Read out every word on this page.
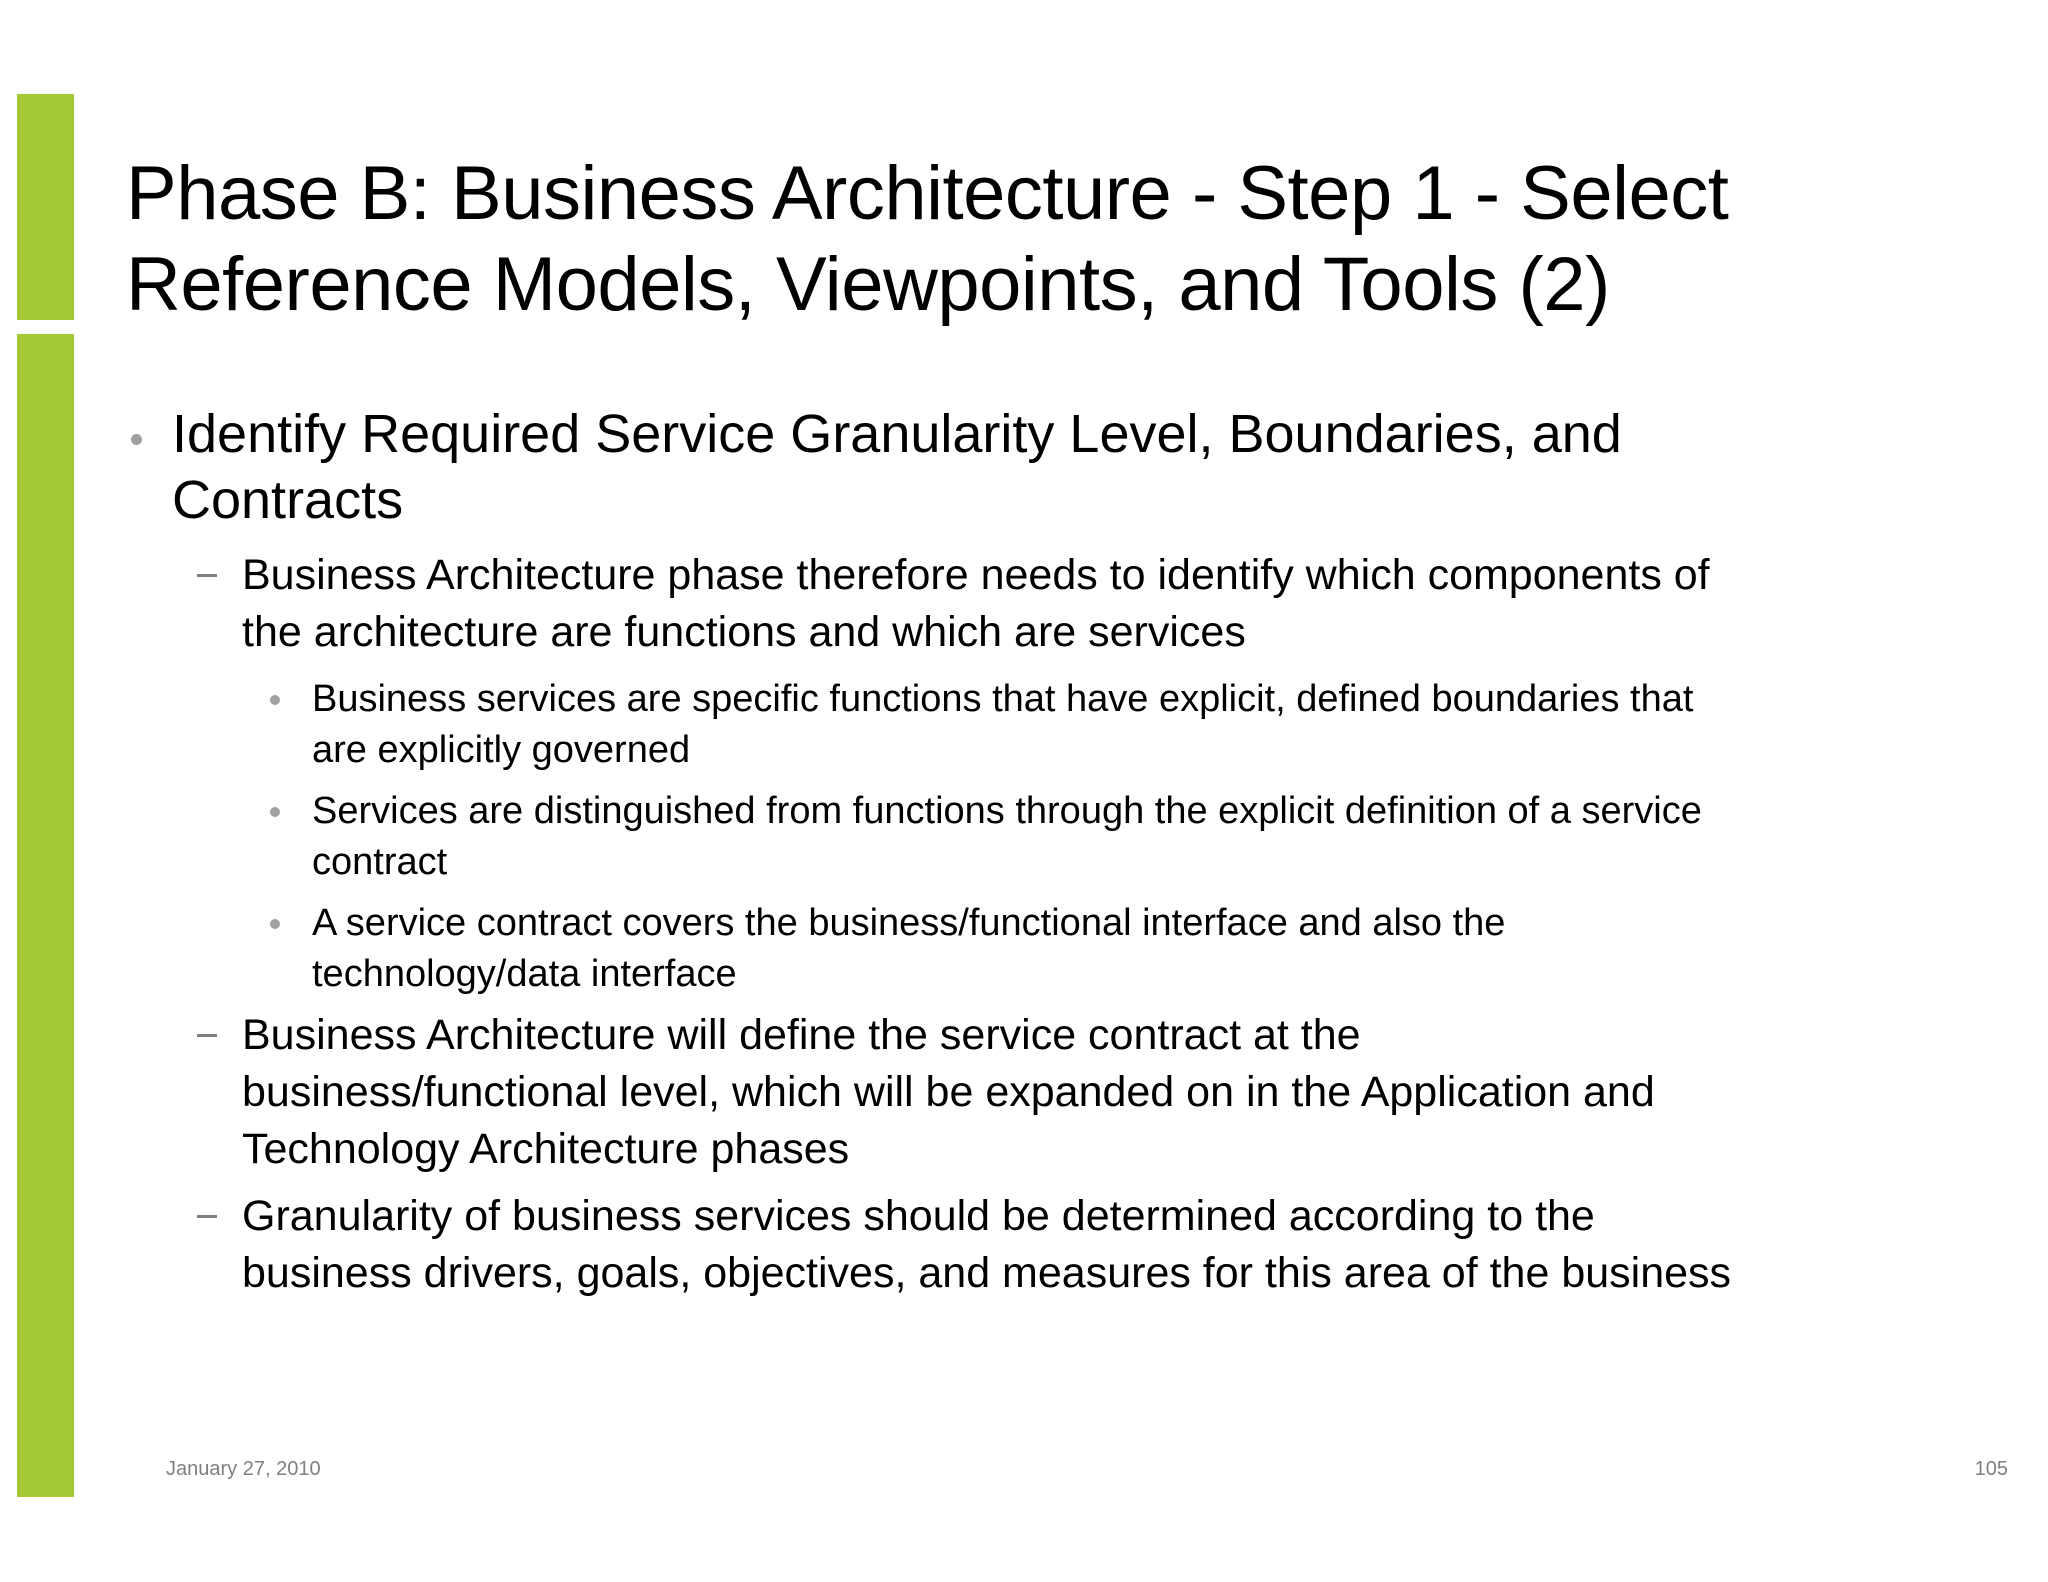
Phase B: Business Architecture - Step 1 - Select
Reference Models, Viewpoints, and Tools (2)

Identify Required Service Granularity Level, Boundaries, and
Contracts

Business Architecture phase therefore needs to identify which components of
the architecture are functions and which are services

Business services are specific functions that have explicit, defined boundaries that
are explicitly governed

Services are distinguished from functions through the explicit definition of a service
contract

A service contract covers the business/functional interface and also the
technology/data interface

Business Architecture will define the service contract at the
business/functional level, which will be expanded on in the Application and
Technology Architecture phases

Granularity of business services should be determined according to the
business drivers, goals, objectives, and measures for this area of the business

January 27, 2010	105
